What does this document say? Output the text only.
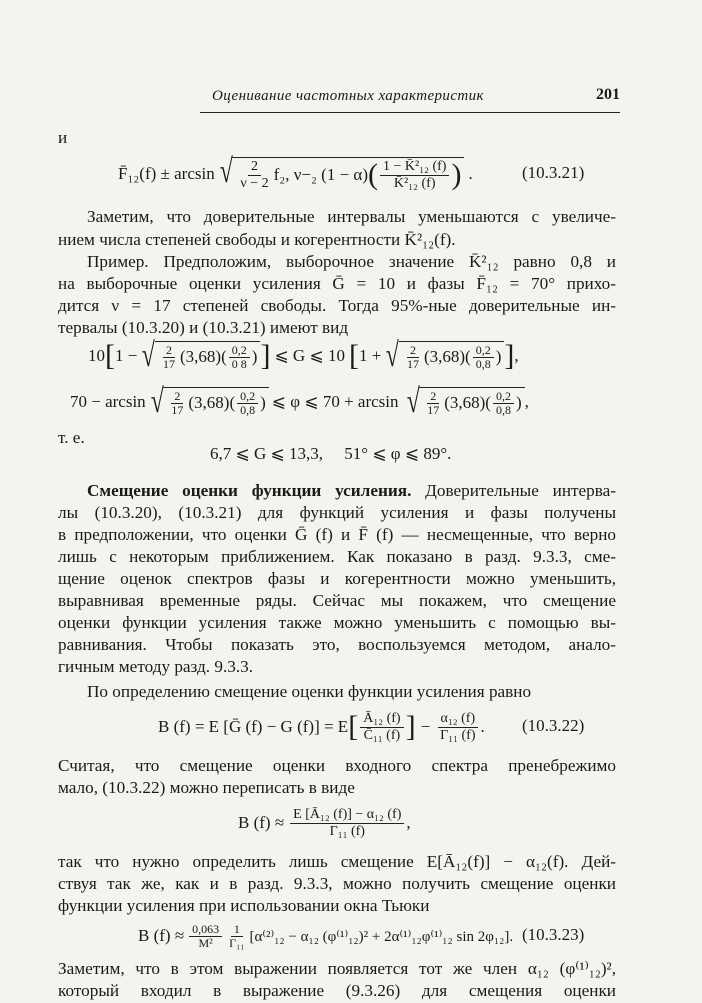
Оценивание частотных характеристик	201
и
F̄₁₂(f) ± arcsin √ $\frac{2}{\nu - 2} f_2$, ν−₂ (1 − α) ( $\frac{\text{1 − K̄²₁₂ (f)}}{\text{K̄²₁₂ (f)}}$ ) .	(10.3.21)
Заметим, что доверительные интервалы уменьшаются с увеличе-
нием числа степеней свободы и когерентности K̄²₁₂(f).
Пример. Предположим, выборочное значение K̄²₁₂ равно 0,8 и
на выборочные оценки усиления Ḡ = 10 и фазы F̄₁₂ = 70° прихо-
дится ν = 17 степеней свободы. Тогда 95%-ные доверительные ин-
тервалы (10.3.20) и (10.3.21) имеют вид
10 [ 1 − √ $\frac{2}{17} (3,68)$ ( $\frac{0,2}{0 8}$ ) ] ⩽ G ⩽ 10 [ 1 + √ $\frac{2}{17} (3,68)$ ( $\frac{0,2}{0,8}$ ) ] ,
70 − arcsin √ $\frac{2}{17} (3,68)$ ( $\frac{0,2}{0,8}$ ) ⩽ φ ⩽ 70 + arcsin √ $\frac{2}{17} (3,68)$ ( $\frac{0,2}{0,8}$ ) ,
т. е.
6,7 ⩽ G ⩽ 13,3,     51° ⩽ φ ⩽ 89°.
Смещение оценки функции усиления. Доверительные интерва-
лы (10.3.20), (10.3.21) для функций усиления и фазы получены
в предположении, что оценки Ḡ (f) и F̄ (f) — несмещенные, что верно
лишь с некоторым приближением. Как показано в разд. 9.3.3, сме-
щение оценок спектров фазы и когерентности можно уменьшить,
выравнивая временные ряды. Сейчас мы покажем, что смещение
оценки функции усиления также можно уменьшить с помощью вы-
равнивания. Чтобы показать это, воспользуемся методом, анало-
гичным методу разд. 9.3.3.
По определению смещение оценки функции усиления равно
B (f) = E [Ḡ (f) − G (f)] = E [ $\frac{\text{Ā₁₂ (f)}}{\text{C̄₁₁ (f)}}$ ] − $\frac{\text{α₁₂ (f)}}{\text{Γ₁₁ (f)}}$ . (10.3.22)
Считая, что смещение оценки входного спектра пренебрежимо
мало, (10.3.22) можно переписать в виде
B $(f) \approx \frac{\text{E [Ā₁₂ (f)] − α₁₂ (f)}}{\text{Γ₁₁ (f)}}$ ,
так что нужно определить лишь смещение E[Ā₁₂(f)] − α₁₂(f). Дей-
ствуя так же, как и в разд. 9.3.3, можно получить смещение оценки
функции усиления при использовании окна Тьюки
B $(f) \approx \frac{0,063}{\text{M²}} \frac{1}{\text{Γ₁₁}} [\alpha^{(2)}_{12} - \alpha_{12}$ (φ⁽¹⁾₁₂)² + 2α⁽¹⁾₁₂φ⁽¹⁾₁₂ sin 2φ₁₂]. (10.3.23)
Заметим, что в этом выражении появляется тот же член α₁₂ (φ⁽¹⁾₁₂)²,
который входил в выражение (9.3.26) для смещения оценки
